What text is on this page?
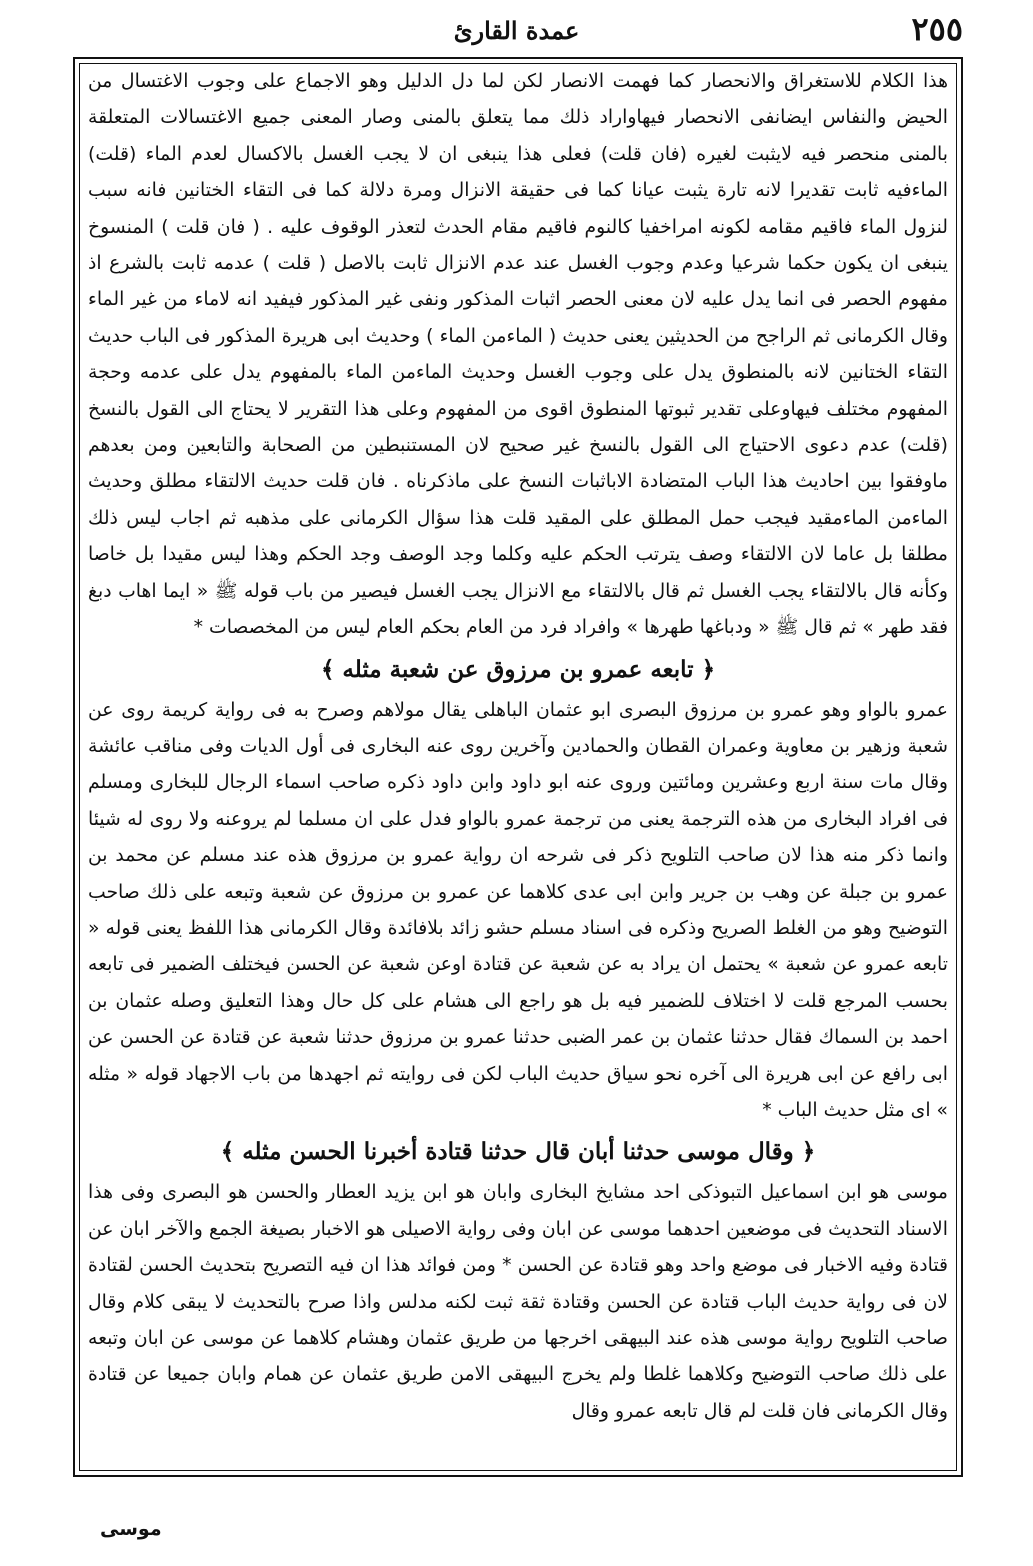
عمدة القارئ	٢٥٥

هذا الكلام للاستغراق والانحصار كما فهمت الانصار لكن لما دل الدليل وهو الاجماع على وجوب الاغتسال من الحيض والنفاس ايضانفى الانحصار فيهاواراد ذلك مما يتعلق بالمنى وصار المعنى جميع الاغتسالات المتعلقة بالمنى منحصر فيه لايثبت لغيره (فان قلت) فعلى هذا ينبغى ان لا يجب الغسل بالاكسال لعدم الماء (قلت) الماءفيه ثابت تقديرا لانه تارة يثبت عيانا كما فى حقيقة الانزال ومرة دلالة كما فى التقاء الختانين فانه سبب لنزول الماء فاقيم مقامه لكونه امراخفيا كالنوم فاقيم مقام الحدث لتعذر الوقوف عليه . ( فان قلت ) المنسوخ ينبغى ان يكون حكما شرعيا وعدم وجوب الغسل عند عدم الانزال ثابت بالاصل ( قلت ) عدمه ثابت بالشرع اذ مفهوم الحصر فى انما يدل عليه لان معنى الحصر اثبات المذكور ونفى غير المذكور فيفيد انه لاماء من غير الماء وقال الكرمانى ثم الراجح من الحديثين يعنى حديث ( الماءمن الماء ) وحديث ابى هريرة المذكور فى الباب حديث التقاء الختانين لانه بالمنطوق يدل على وجوب الغسل وحديث الماءمن الماء بالمفهوم يدل على عدمه وحجة المفهوم مختلف فيهاوعلى تقدير ثبوتها المنطوق اقوى من المفهوم وعلى هذا التقرير لا يحتاج الى القول بالنسخ (قلت) عدم دعوى الاحتياج الى القول بالنسخ غير صحيح لان المستنبطين من الصحابة والتابعين ومن بعدهم ماوفقوا بين احاديث هذا الباب المتضادة الاباثبات النسخ على ماذكرناه . فان قلت حديث الالتقاء مطلق وحديث الماءمن الماءمقيد فيجب حمل المطلق على المقيد قلت هذا سؤال الكرمانى على مذهبه ثم اجاب ليس ذلك مطلقا بل عاما لان الالتقاء وصف يترتب الحكم عليه وكلما وجد الوصف وجد الحكم وهذا ليس مقيدا بل خاصا وكأنه قال بالالتقاء يجب الغسل ثم قال بالالتقاء مع الانزال يجب الغسل فيصير من باب قوله ﷺ « ايما اهاب دبغ فقد طهر » ثم قال ﷺ « ودباغها طهرها » وافراد فرد من العام بحكم العام ليس من المخصصات *

﴿ تابعه عمرو بن مرزوق عن شعبة مثله ﴾

عمرو بالواو وهو عمرو بن مرزوق البصرى ابو عثمان الباهلى يقال مولاهم وصرح به فى رواية كريمة روى عن شعبة وزهير بن معاوية وعمران القطان والحمادين وآخرين روى عنه البخارى فى أول الديات وفى مناقب عائشة وقال مات سنة اربع وعشرين ومائتين وروى عنه ابو داود وابن داود ذكره صاحب اسماء الرجال للبخارى ومسلم فى افراد البخارى من هذه الترجمة يعنى من ترجمة عمرو بالواو فدل على ان مسلما لم يروعنه ولا روى له شيئا وانما ذكر منه هذا لان صاحب التلويح ذكر فى شرحه ان رواية عمرو بن مرزوق هذه عند مسلم عن محمد بن عمرو بن جبلة عن وهب بن جرير وابن ابى عدى كلاهما عن عمرو بن مرزوق عن شعبة وتبعه على ذلك صاحب التوضيح وهو من الغلط الصريح وذكره فى اسناد مسلم حشو زائد بلافائدة وقال الكرمانى هذا اللفظ يعنى قوله « تابعه عمرو عن شعبة » يحتمل ان يراد به عن شعبة عن قتادة اوعن شعبة عن الحسن فيختلف الضمير فى تابعه بحسب المرجع قلت لا اختلاف للضمير فيه بل هو راجع الى هشام على كل حال وهذا التعليق وصله عثمان بن احمد بن السماك فقال حدثنا عثمان بن عمر الضبى حدثنا عمرو بن مرزوق حدثنا شعبة عن قتادة عن الحسن عن ابى رافع عن ابى هريرة الى آخره نحو سياق حديث الباب لكن فى روايته ثم اجهدها من باب الاجهاد قوله « مثله » اى مثل حديث الباب *

﴿ وقال موسى حدثنا أبان قال حدثنا قتادة أخبرنا الحسن مثله ﴾

موسى هو ابن اسماعيل التبوذكى احد مشايخ البخارى وابان هو ابن يزيد العطار والحسن هو البصرى وفى هذا الاسناد التحديث فى موضعين احدهما موسى عن ابان وفى رواية الاصيلى هو الاخبار بصيغة الجمع والآخر ابان عن قتادة وفيه الاخبار فى موضع واحد وهو قتادة عن الحسن * ومن فوائد هذا ان فيه التصريح بتحديث الحسن لقتادة لان فى رواية حديث الباب قتادة عن الحسن وقتادة ثقة ثبت لكنه مدلس واذا صرح بالتحديث لا يبقى كلام وقال صاحب التلويح رواية موسى هذه عند البيهقى اخرجها من طريق عثمان وهشام كلاهما عن موسى عن ابان وتبعه على ذلك صاحب التوضيح وكلاهما غلطا ولم يخرج البيهقى الامن طريق عثمان عن همام وابان جميعا عن قتادة وقال الكرمانى فان قلت لم قال تابعه عمرو وقال

موسى
